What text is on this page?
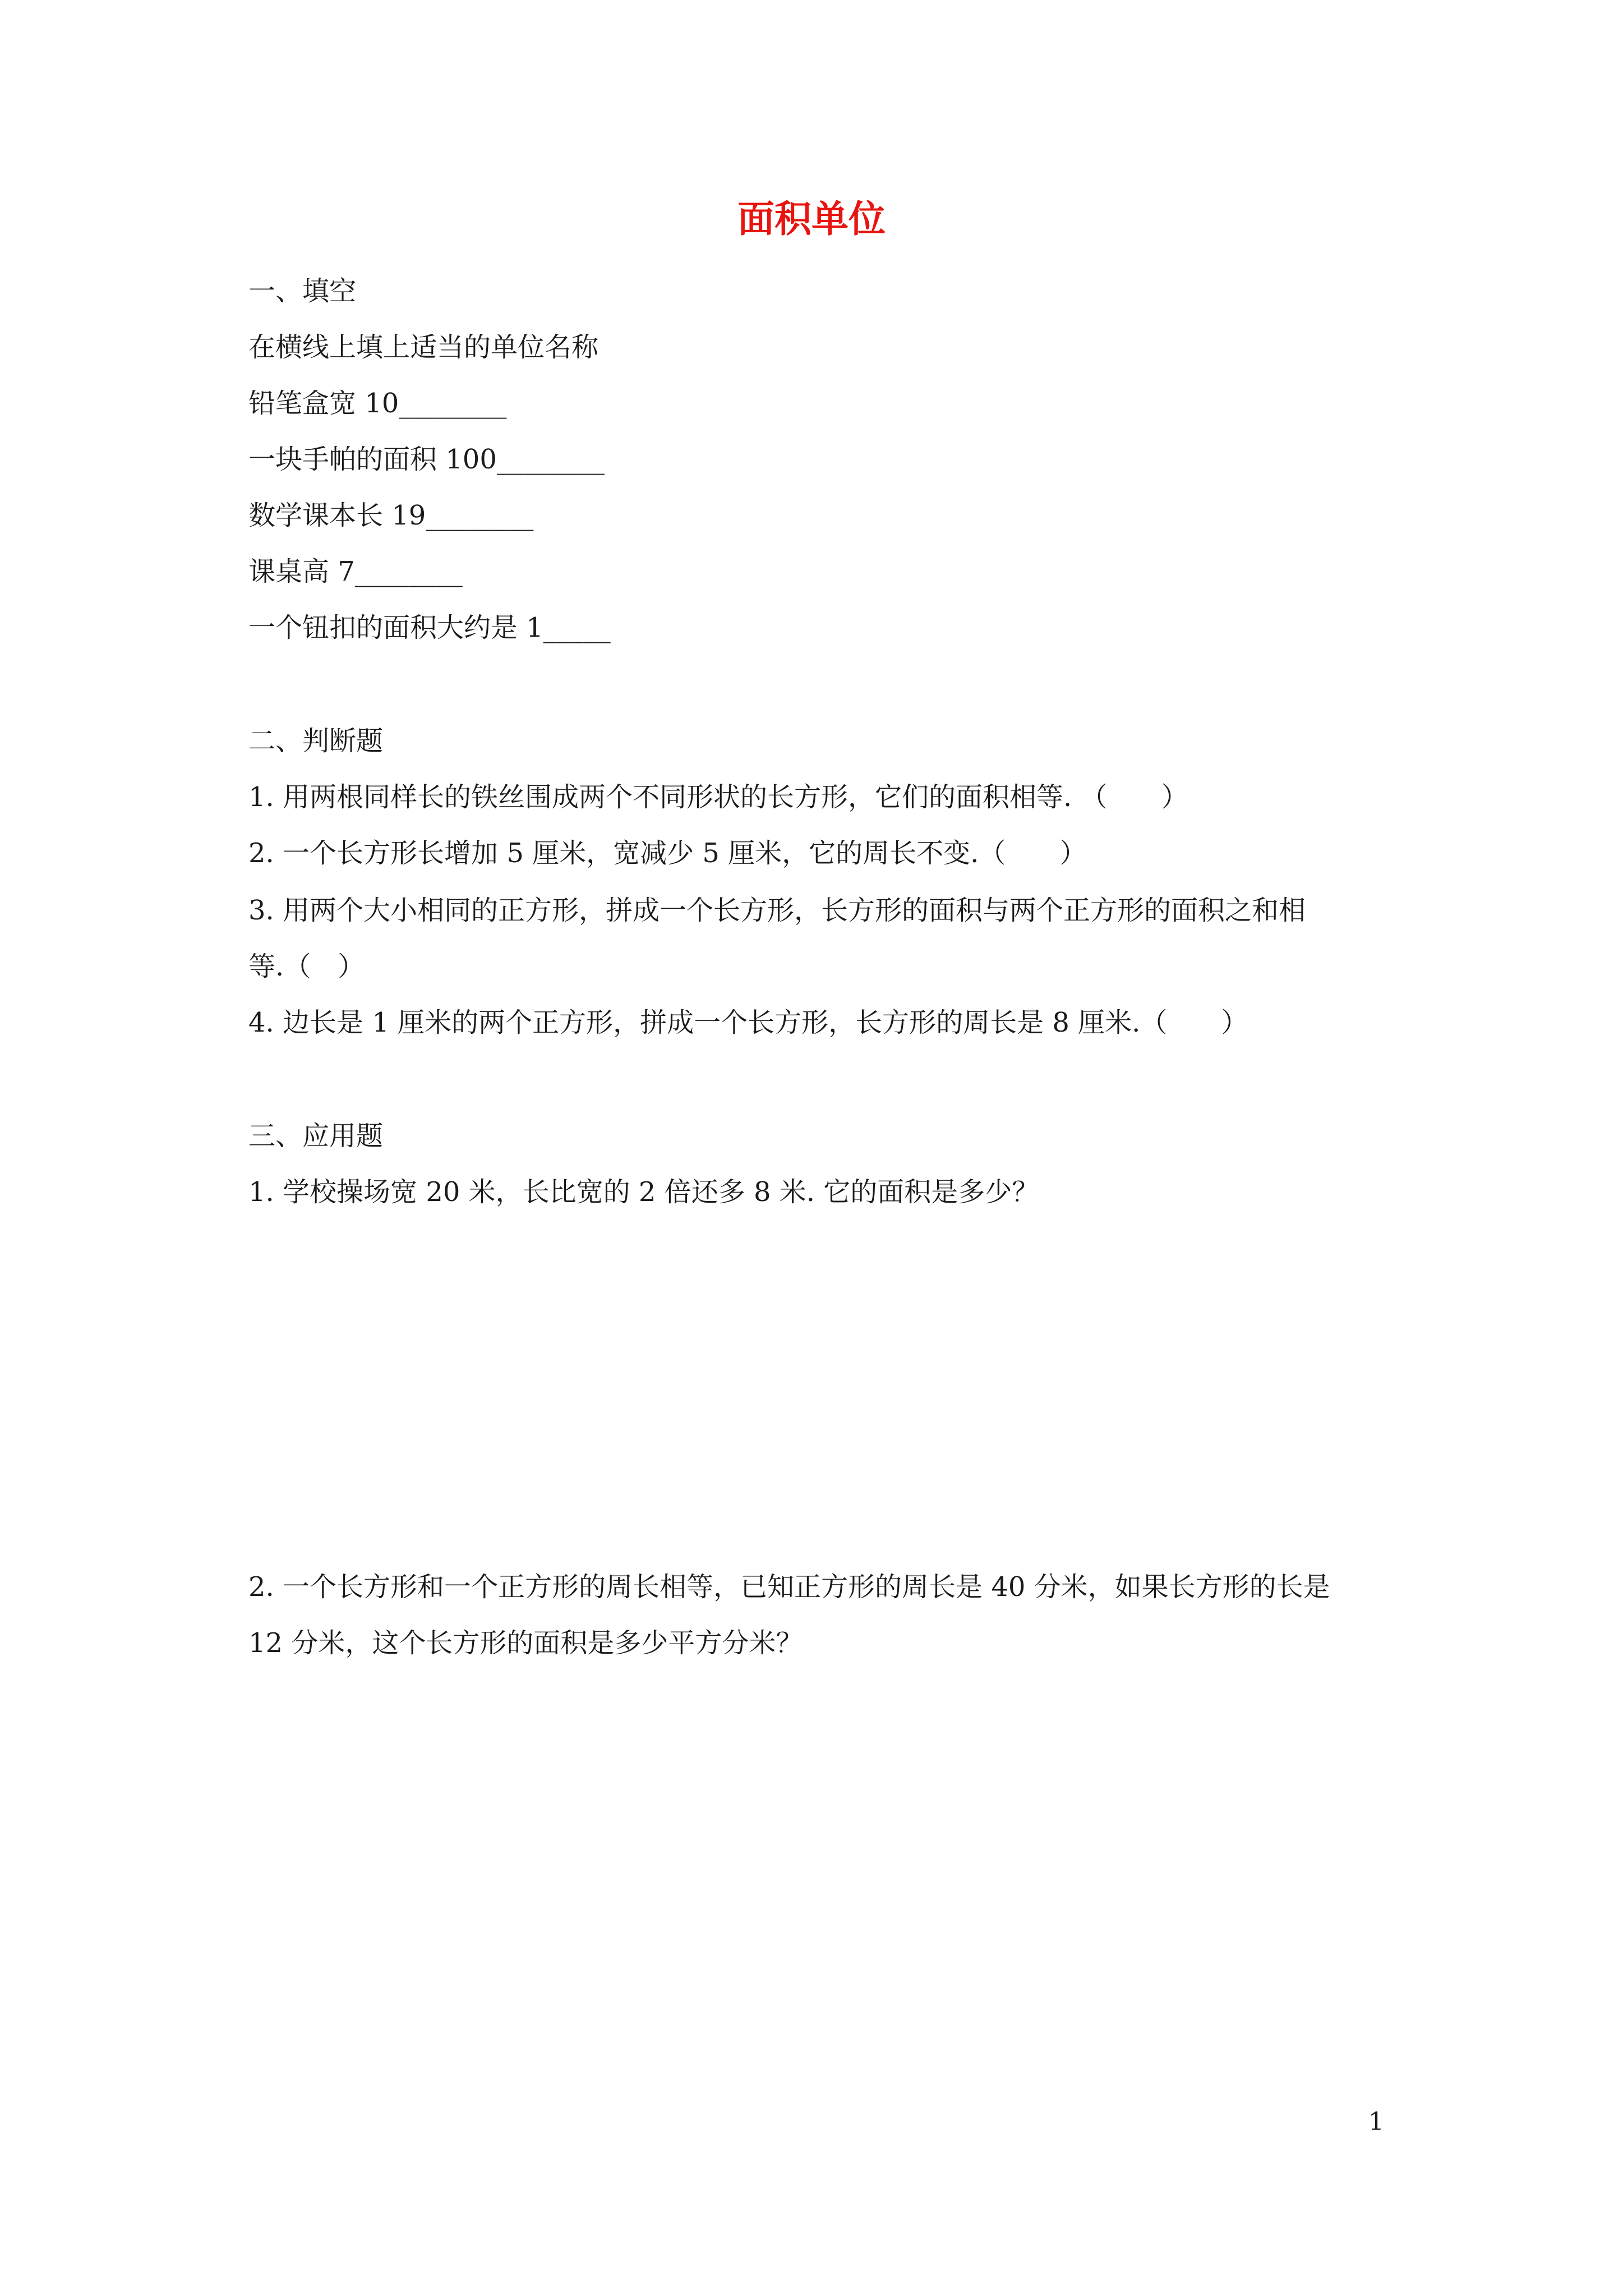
面积单位
一、填空
在横线上填上适当的单位名称
铅笔盒宽 10________
一块手帕的面积 100________
数学课本长 19________
课桌高 7________
一个钮扣的面积大约是 1_____
二、判断题
1. 用两根同样长的铁丝围成两个不同形状的长方形，它们的面积相等. （　　）
2. 一个长方形长增加 5 厘米，宽减少 5 厘米，它的周长不变.（　　）
3. 用两个大小相同的正方形，拼成一个长方形，长方形的面积与两个正方形的面积之和相
等.（　）
4. 边长是 1 厘米的两个正方形，拼成一个长方形，长方形的周长是 8 厘米.（　　）
三、应用题
1. 学校操场宽 20 米，长比宽的 2 倍还多 8 米. 它的面积是多少？
2. 一个长方形和一个正方形的周长相等，已知正方形的周长是 40 分米，如果长方形的长是
12 分米，这个长方形的面积是多少平方分米？
1
